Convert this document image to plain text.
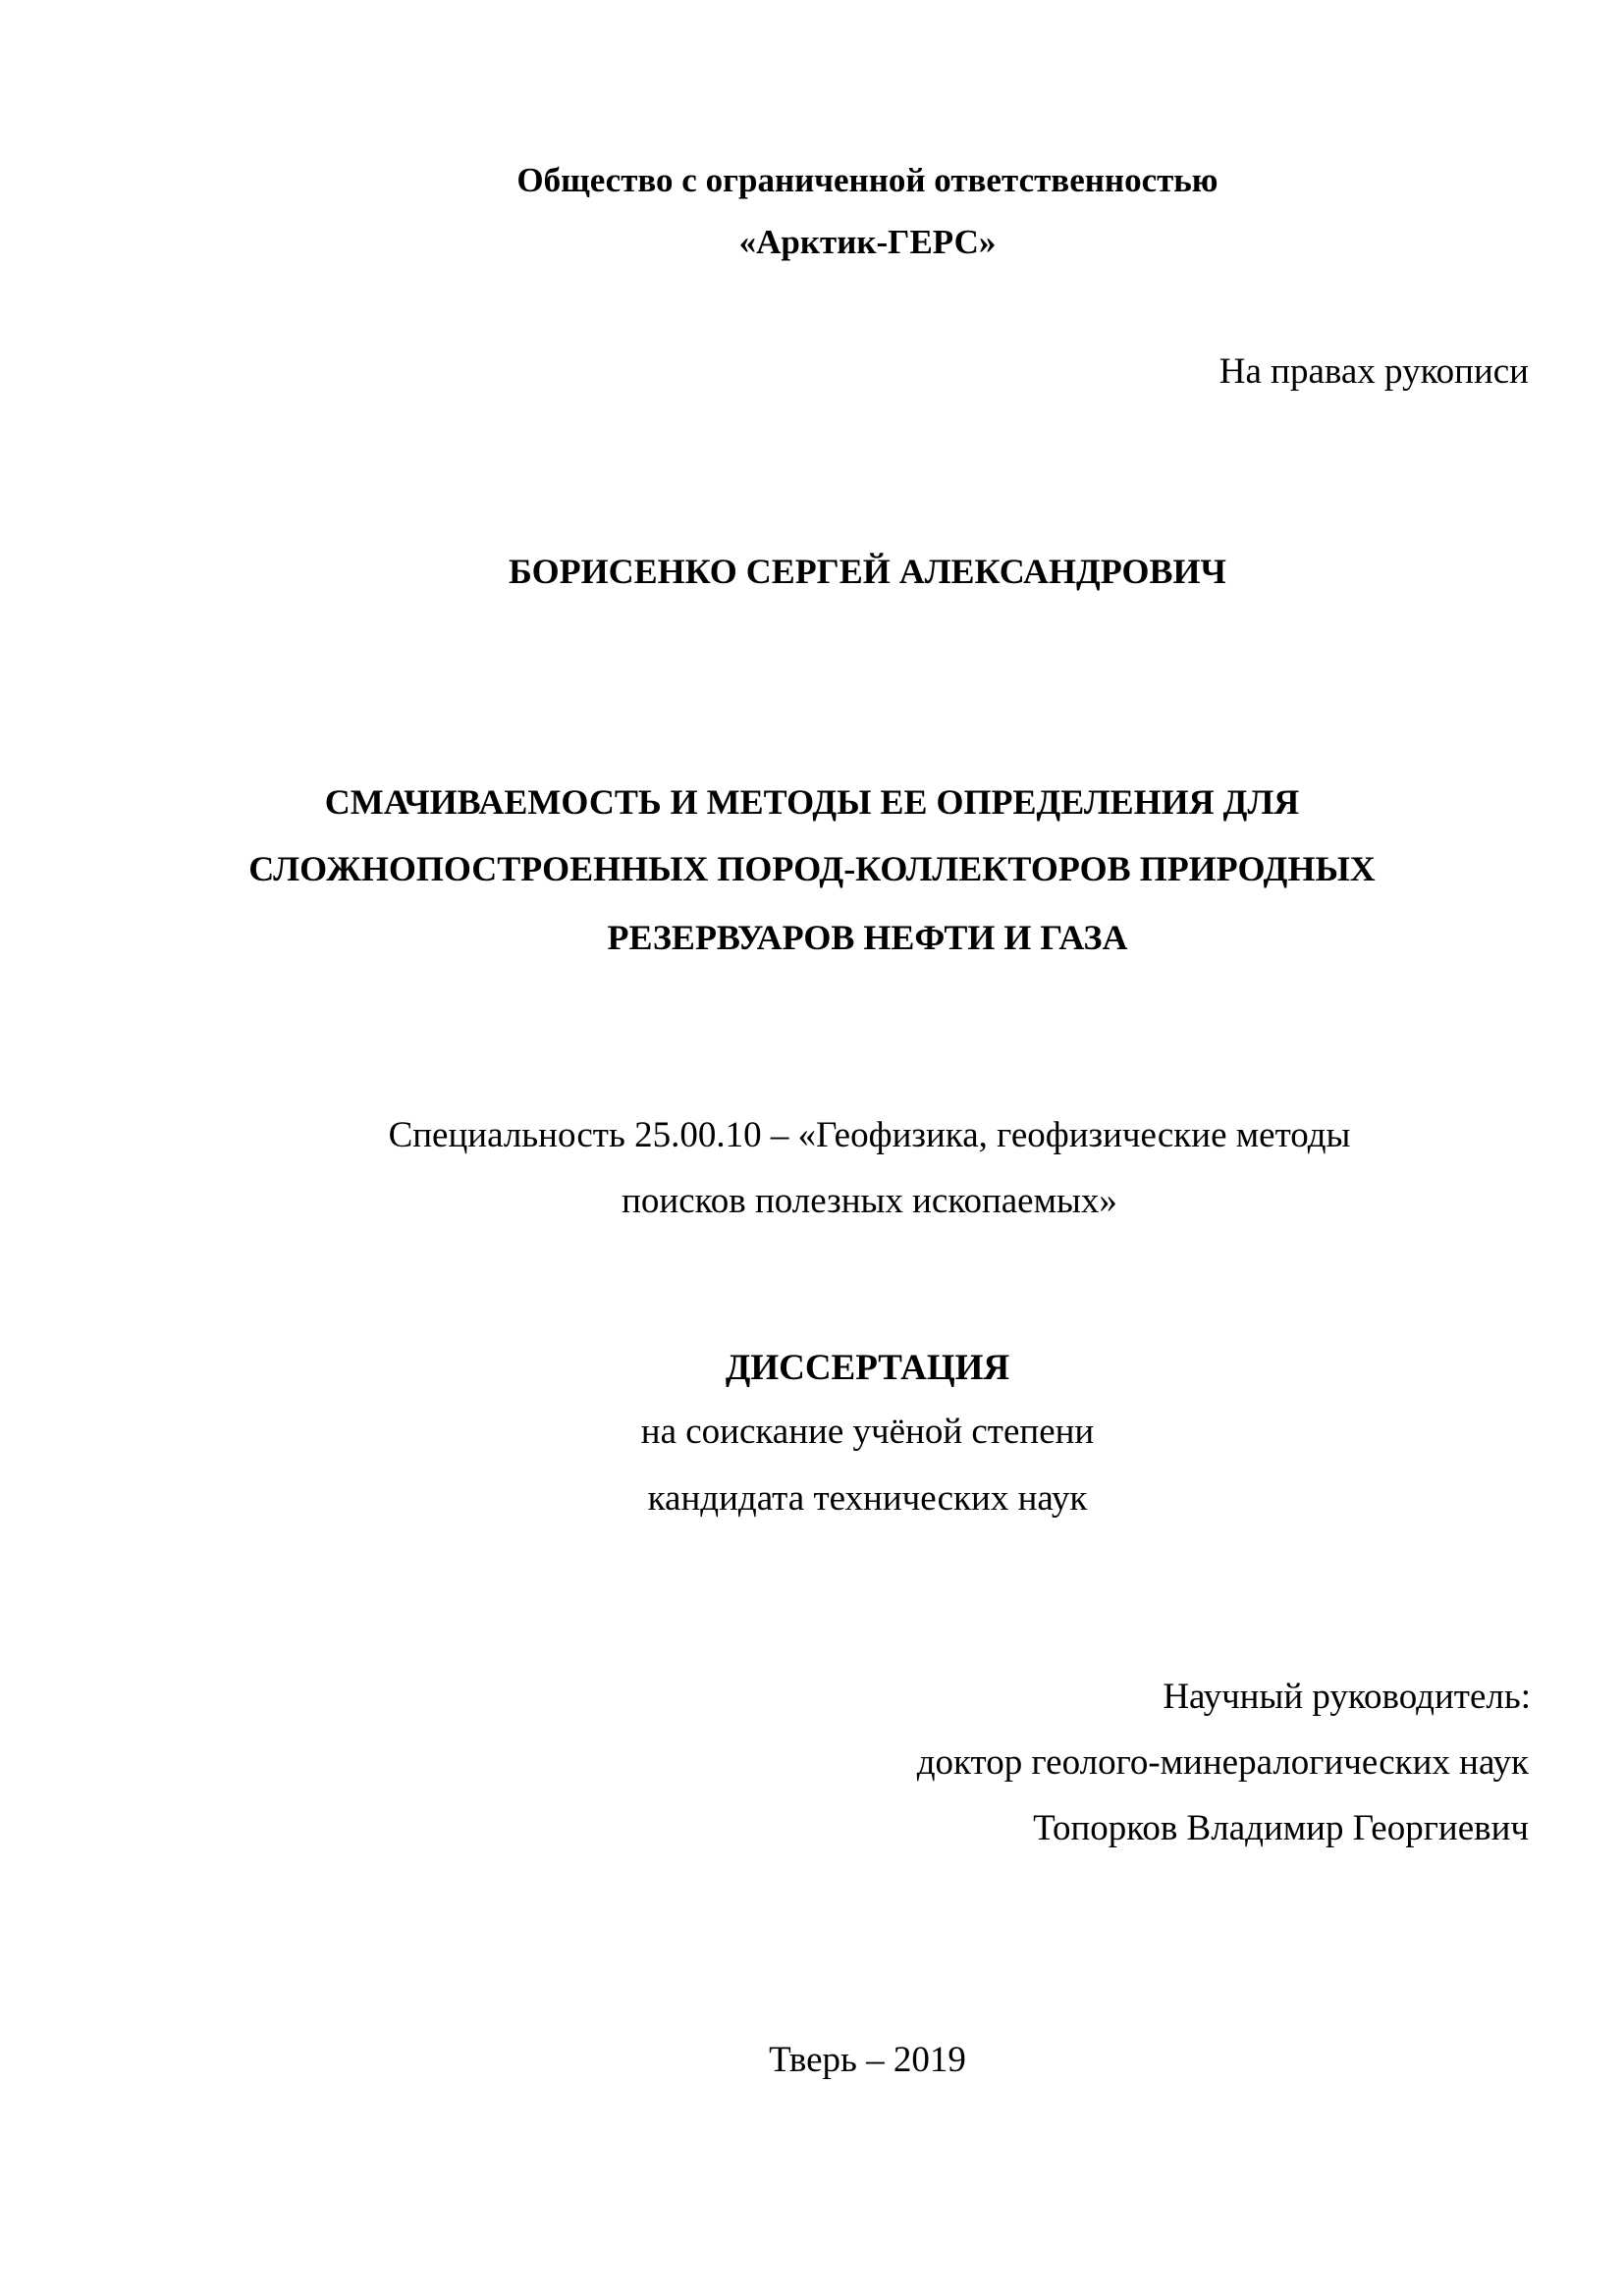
Общество с ограниченной ответственностью
«Арктик-ГЕРС»
На правах рукописи
БОРИСЕНКО СЕРГЕЙ АЛЕКСАНДРОВИЧ
СМАЧИВАЕМОСТЬ И МЕТОДЫ ЕЕ ОПРЕДЕЛЕНИЯ ДЛЯ
СЛОЖНОПОСТРОЕННЫХ ПОРОД-КОЛЛЕКТОРОВ ПРИРОДНЫХ
РЕЗЕРВУАРОВ НЕФТИ И ГАЗА
Специальность 25.00.10 – «Геофизика, геофизические методы
поисков полезных ископаемых»
ДИССЕРТАЦИЯ
на соискание учёной степени
кандидата технических наук
Научный руководитель:
доктор геолого-минералогических наук
Топорков Владимир Георгиевич
Тверь – 2019
